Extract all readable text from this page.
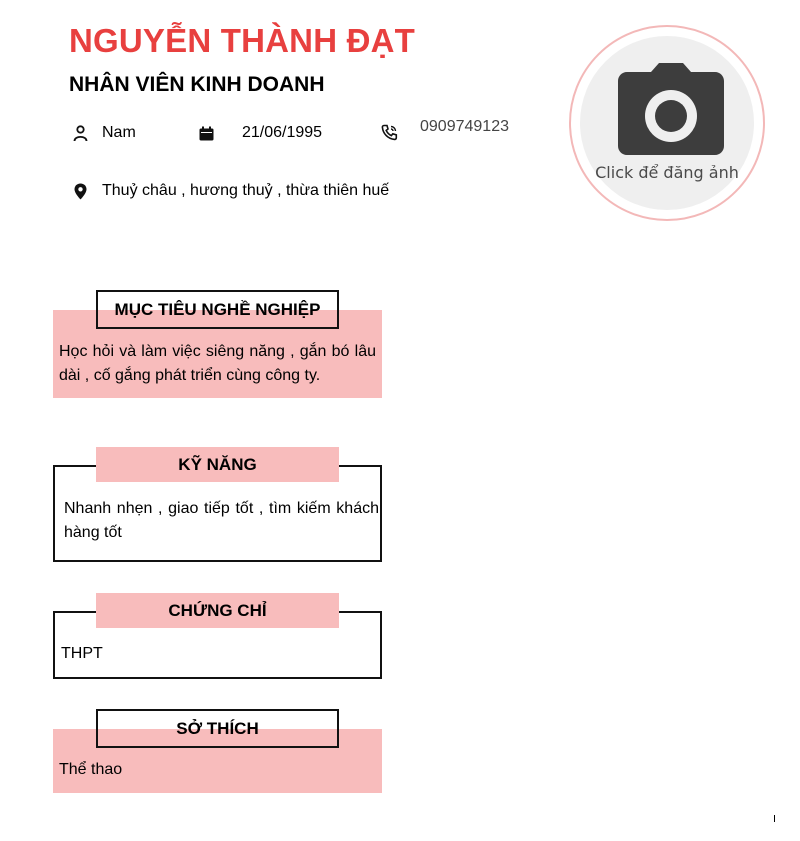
NGUYỄN THÀNH ĐẠT
NHÂN VIÊN KINH DOANH
Nam	21/06/1995	0909749123
Thuỷ châu , hương thuỷ , thừa thiên huế
Click để đăng ảnh
Học hỏi và làm việc siêng năng , gắn bó lâu dài , cố gắng phát triển cùng công ty.
MỤC TIÊU NGHỀ NGHIỆP
Nhanh nhẹn , giao tiếp tốt , tìm kiếm khách hàng tốt
KỸ NĂNG
THPT
CHỨNG CHỈ
Thể thao
SỞ THÍCH
